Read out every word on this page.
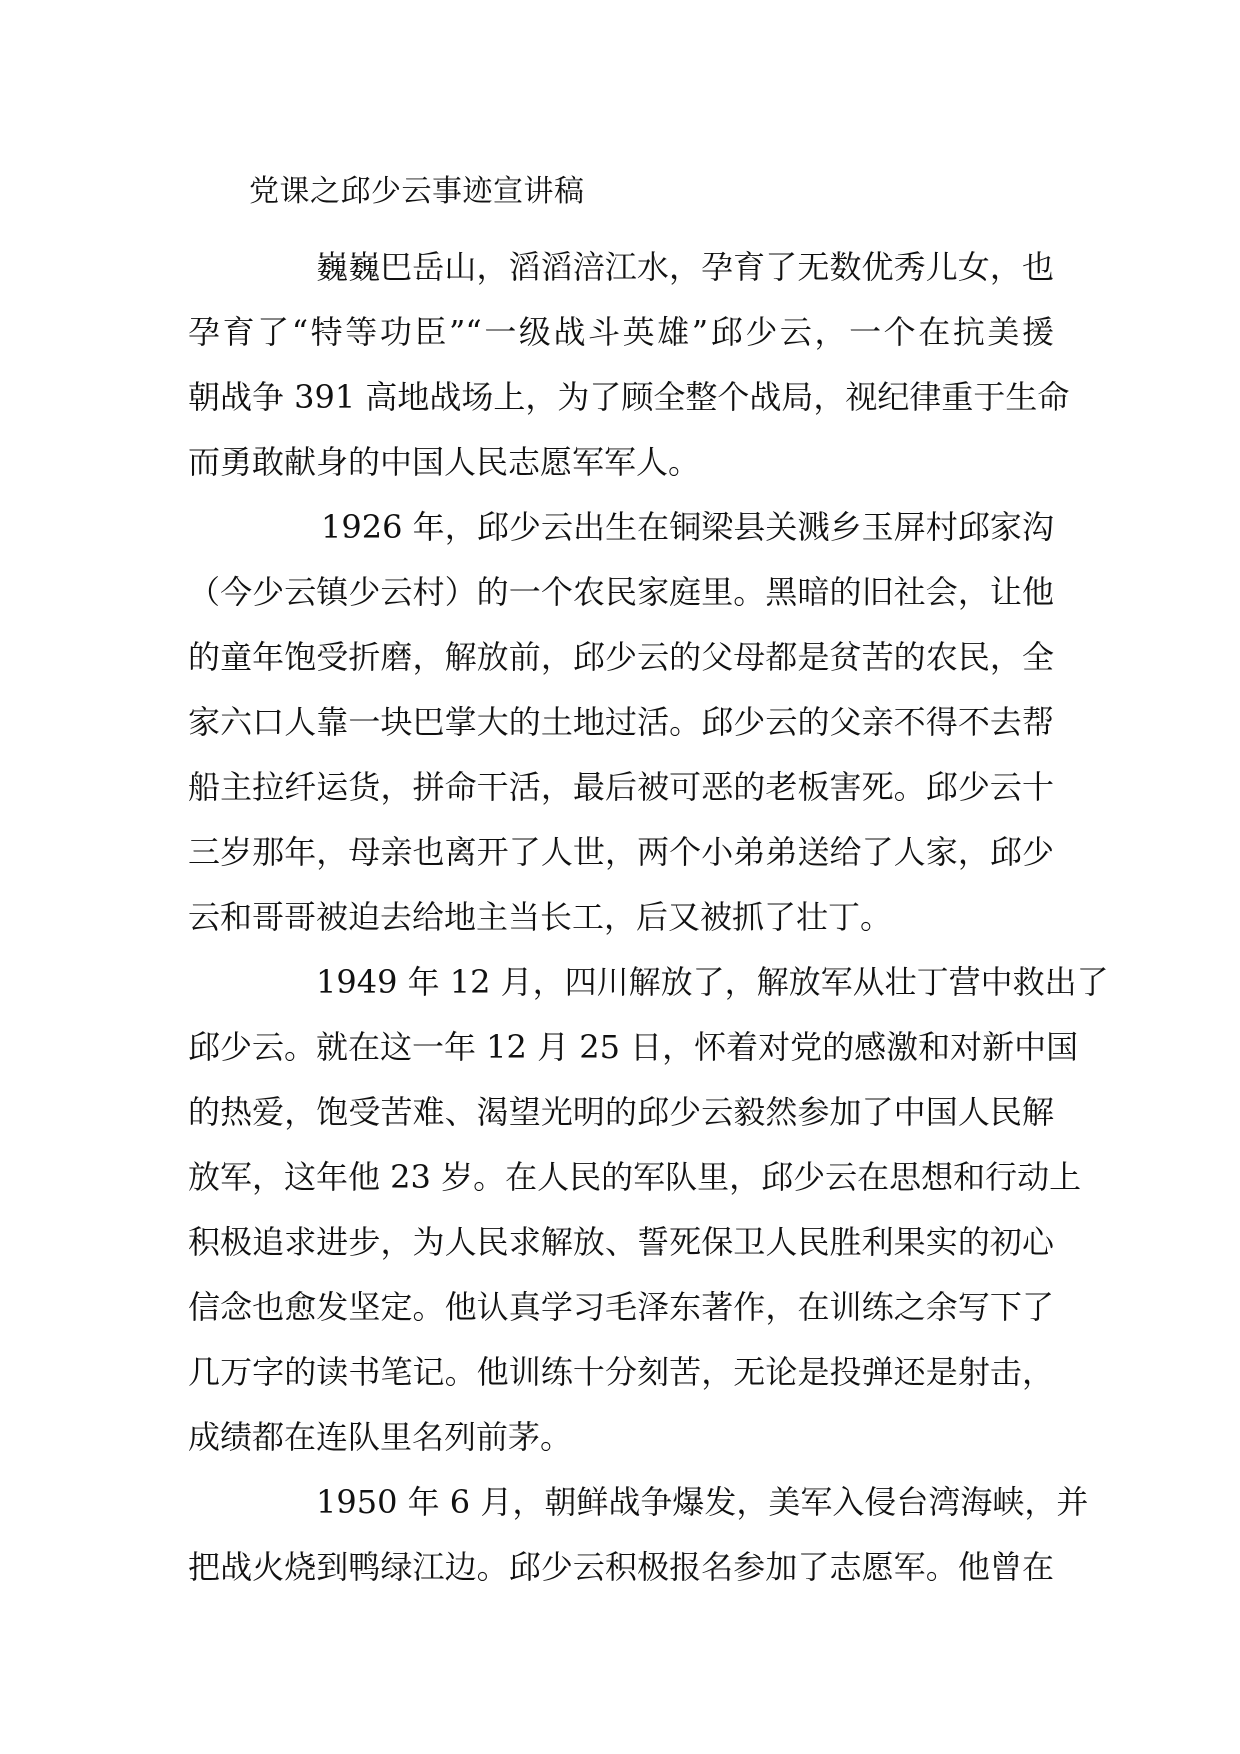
党课之邱少云事迹宣讲稿
巍巍巴岳山，滔滔涪江水，孕育了无数优秀儿女，也
孕育了“特等功臣”“一级战斗英雄”邱少云，一个在抗美援
朝战争 391 高地战场上，为了顾全整个战局，视纪律重于生命
而勇敢献身的中国人民志愿军军人。
1926 年，邱少云出生在铜梁县关溅乡玉屏村邱家沟
（今少云镇少云村）的一个农民家庭里。黑暗的旧社会，让他
的童年饱受折磨，解放前，邱少云的父母都是贫苦的农民，全
家六口人靠一块巴掌大的土地过活。邱少云的父亲不得不去帮
船主拉纤运货，拼命干活，最后被可恶的老板害死。邱少云十
三岁那年，母亲也离开了人世，两个小弟弟送给了人家，邱少
云和哥哥被迫去给地主当长工，后又被抓了壮丁。
1949 年 12 月，四川解放了，解放军从壮丁营中救出了
邱少云。就在这一年 12 月 25 日，怀着对党的感激和对新中国
的热爱，饱受苦难、渴望光明的邱少云毅然参加了中国人民解
放军，这年他 23 岁。在人民的军队里，邱少云在思想和行动上
积极追求进步，为人民求解放、誓死保卫人民胜利果实的初心
信念也愈发坚定。他认真学习毛泽东著作，在训练之余写下了
几万字的读书笔记。他训练十分刻苦，无论是投弹还是射击，
成绩都在连队里名列前茅。
1950 年 6 月，朝鲜战争爆发，美军入侵台湾海峡，并
把战火烧到鸭绿江边。邱少云积极报名参加了志愿军。他曾在
